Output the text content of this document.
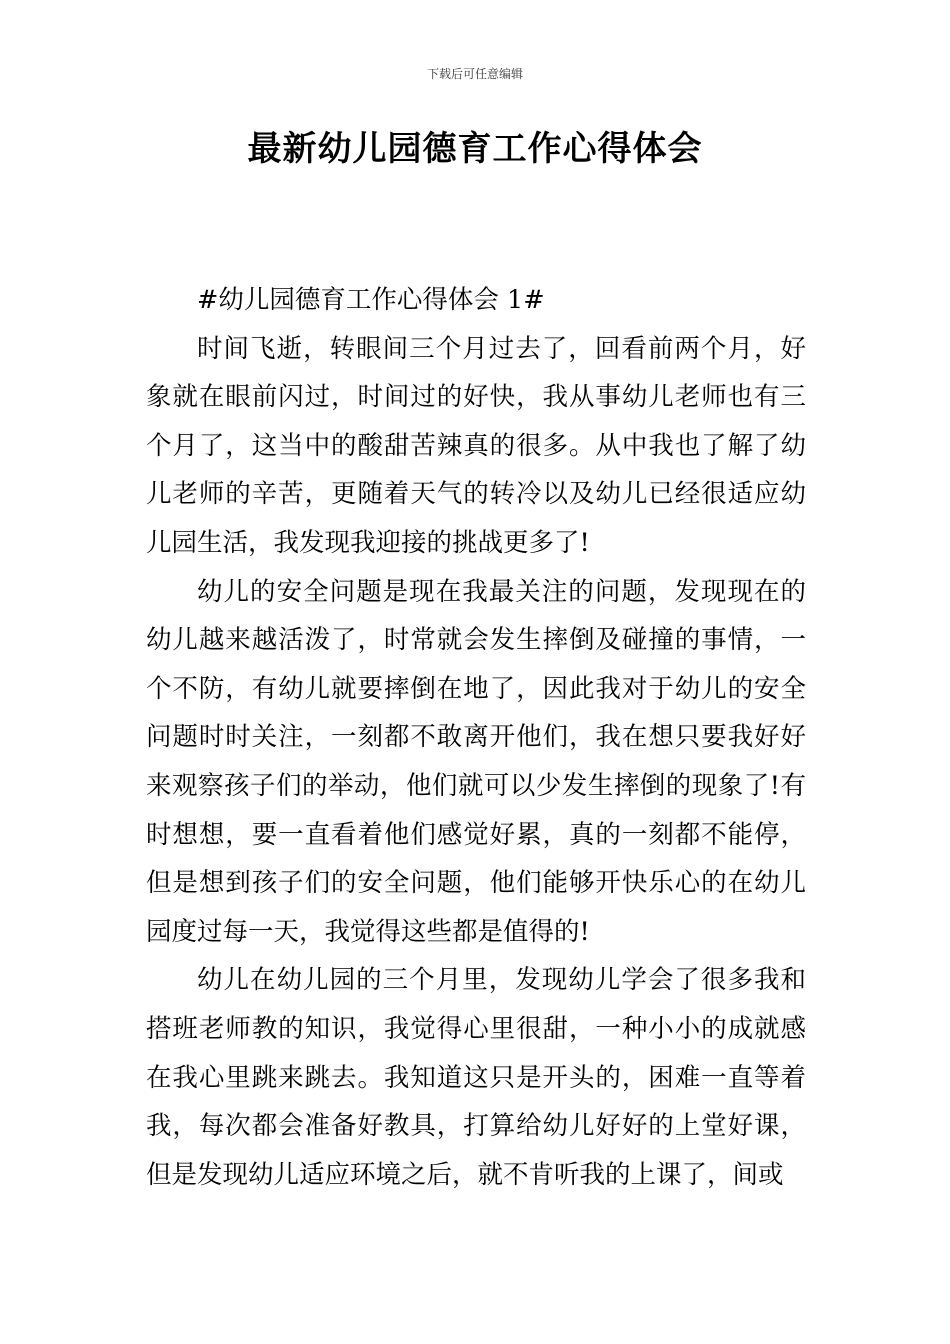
下载后可任意编辑
最新幼儿园德育工作心得体会

#幼儿园德育工作心得体会 1#

时间飞逝，转眼间三个月过去了，回看前两个月，好象就在眼前闪过，时间过的好快，我从事幼儿老师也有三个月了，这当中的酸甜苦辣真的很多。从中我也了解了幼儿老师的辛苦，更随着天气的转冷以及幼儿已经很适应幼儿园生活，我发现我迎接的挑战更多了!

幼儿的安全问题是现在我最关注的问题，发现现在的幼儿越来越活泼了，时常就会发生摔倒及碰撞的事情，一个不防，有幼儿就要摔倒在地了，因此我对于幼儿的安全问题时时关注，一刻都不敢离开他们，我在想只要我好好来观察孩子们的举动，他们就可以少发生摔倒的现象了!有时想想，要一直看着他们感觉好累，真的一刻都不能停，但是想到孩子们的安全问题，他们能够开快乐心的在幼儿园度过每一天，我觉得这些都是值得的!

幼儿在幼儿园的三个月里，发现幼儿学会了很多我和搭班老师教的知识，我觉得心里很甜，一种小小的成就感在我心里跳来跳去。我知道这只是开头的，困难一直等着我，每次都会准备好教具，打算给幼儿好好的上堂好课，但是发现幼儿适应环境之后，就不肯听我的上课了，间或
